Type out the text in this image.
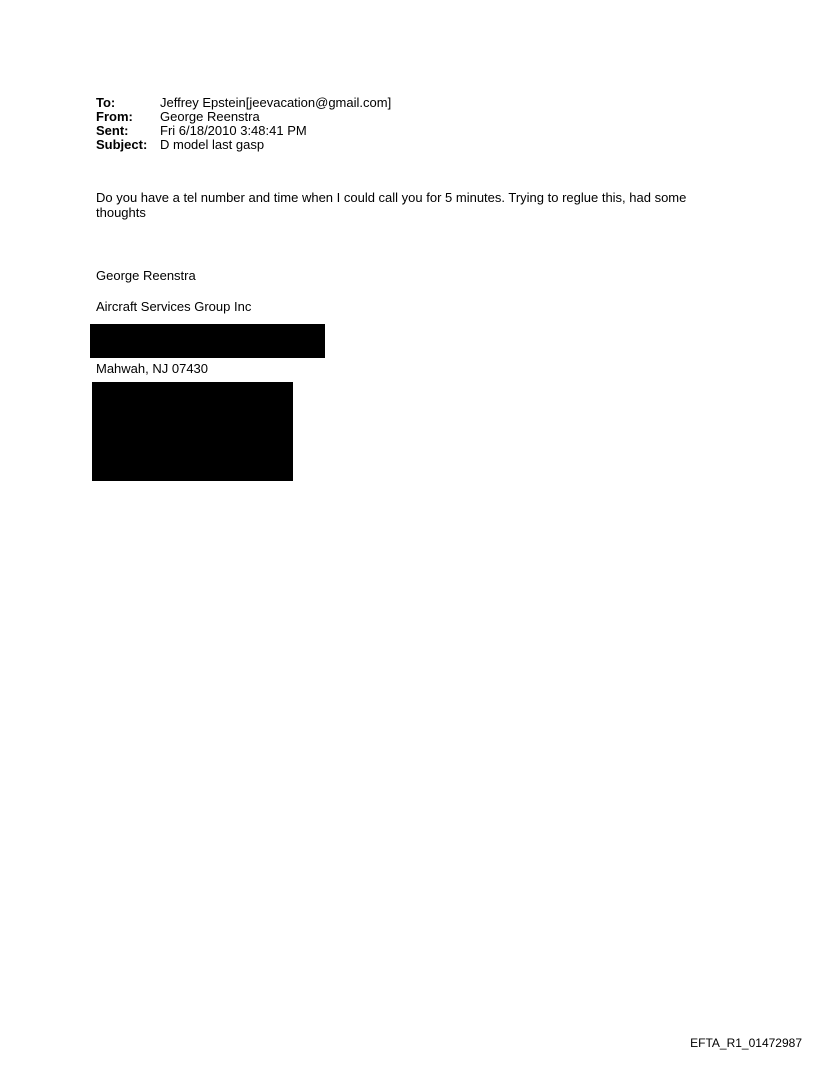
To:	Jeffrey Epstein[jeevacation@gmail.com]
From:	George Reenstra
Sent:	Fri 6/18/2010 3:48:41 PM
Subject: D model last gasp
Do you have a tel number and time when I could call you for 5 minutes. Trying to reglue this, had some thoughts
George Reenstra
Aircraft Services Group Inc
Mahwah, NJ 07430
EFTA_R1_01472987
